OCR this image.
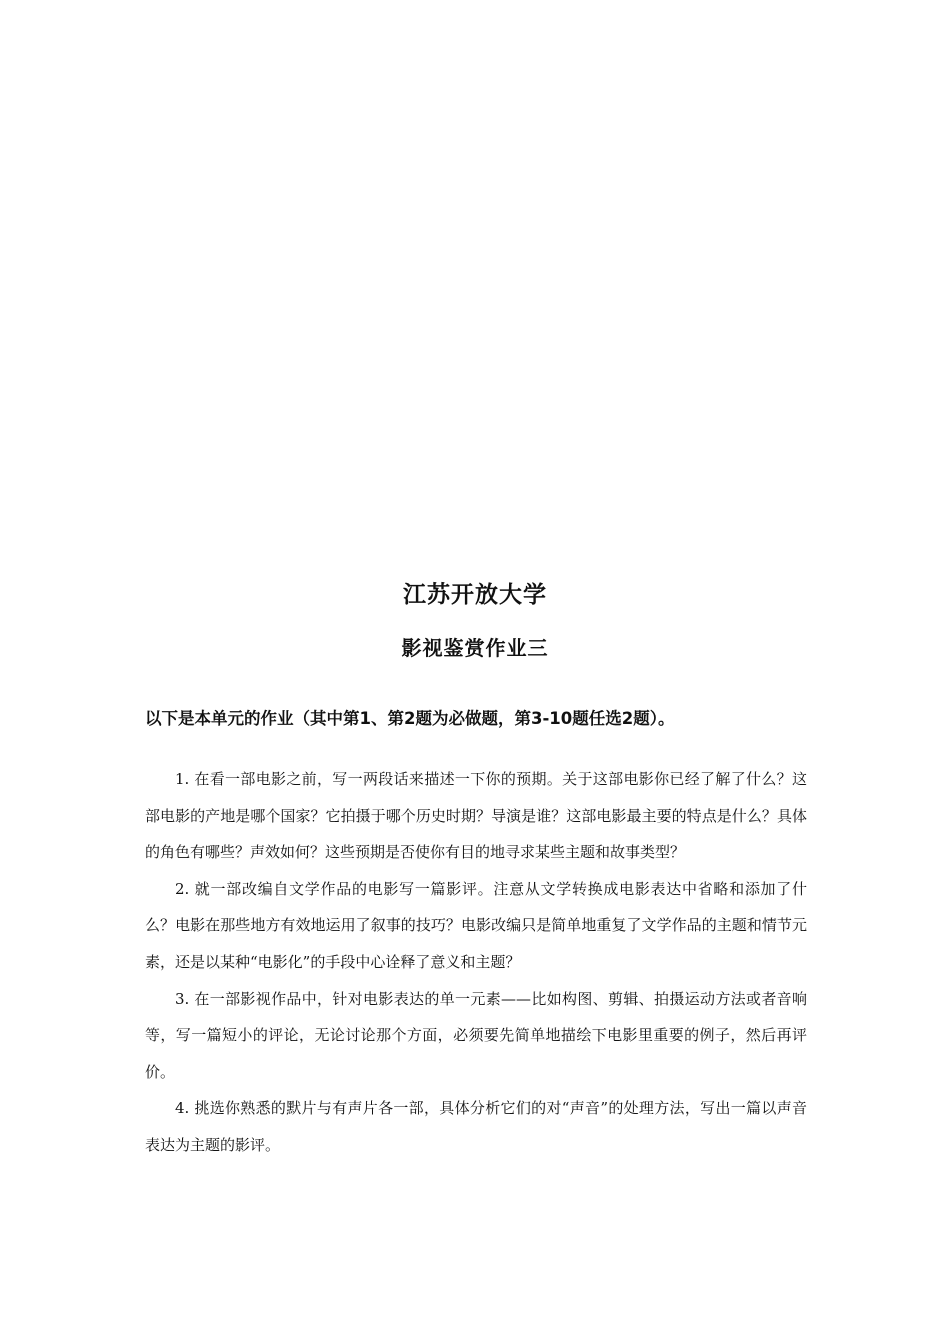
江苏开放大学
影视鉴赏作业三
以下是本单元的作业（其中第1、第2题为必做题，第3-10题任选2题）。

1. 在看一部电影之前，写一两段话来描述一下你的预期。关于这部电影你已经了解了什么？这部电影的产地是哪个国家？它拍摄于哪个历史时期？导演是谁？这部电影最主要的特点是什么？具体的角色有哪些？声效如何？这些预期是否使你有目的地寻求某些主题和故事类型？

2. 就一部改编自文学作品的电影写一篇影评。注意从文学转换成电影表达中省略和添加了什么？电影在那些地方有效地运用了叙事的技巧？电影改编只是简单地重复了文学作品的主题和情节元素，还是以某种“电影化”的手段中心诠释了意义和主题？

3. 在一部影视作品中，针对电影表达的单一元素——比如构图、剪辑、拍摄运动方法或者音响等，写一篇短小的评论，无论讨论那个方面，必须要先简单地描绘下电影里重要的例子，然后再评价。

4. 挑选你熟悉的默片与有声片各一部，具体分析它们的对“声音”的处理方法，写出一篇以声音表达为主题的影评。
